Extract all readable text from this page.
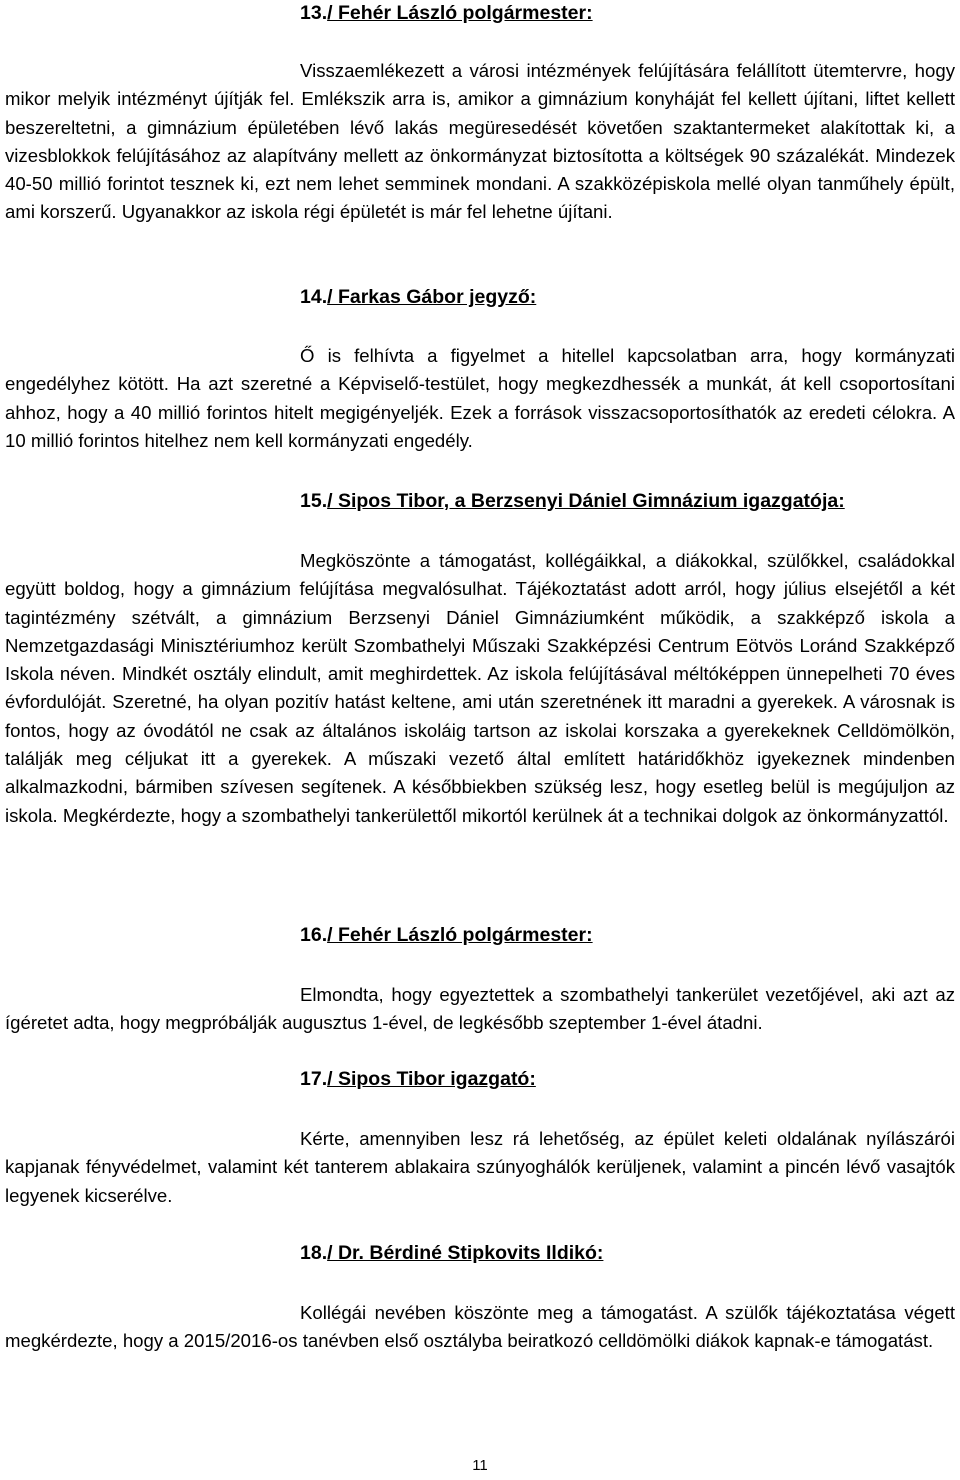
13./ Fehér László polgármester:

Visszaemlékezett a városi intézmények felújítására felállított ütemtervre, hogy mikor melyik intézményt újítják fel. Emlékszik arra is, amikor a gimnázium konyháját fel kellett újítani, liftet kellett beszereltetni, a gimnázium épületében lévő lakás megüresedését követően szaktantermeket alakítottak ki, a vizesblokkok felújításához az alapítvány mellett az önkormányzat biztosította a költségek 90 százalékát. Mindezek 40-50 millió forintot tesznek ki, ezt nem lehet semminek mondani. A szakközépiskola mellé olyan tanműhely épült, ami korszerű. Ugyanakkor az iskola régi épületét is már fel lehetne újítani.

14./ Farkas Gábor jegyző:

Ő is felhívta a figyelmet a hitellel kapcsolatban arra, hogy kormányzati engedélyhez kötött. Ha azt szeretné a Képviselő-testület, hogy megkezdhessék a munkát, át kell csoportosítani ahhoz, hogy a 40 millió forintos hitelt megigényeljék. Ezek a források visszacsoportosíthatók az eredeti célokra. A 10 millió forintos hitelhez nem kell kormányzati engedély.

15./ Sipos Tibor, a Berzsenyi Dániel Gimnázium igazgatója:

Megköszönte a támogatást, kollégáikkal, a diákokkal, szülőkkel, családokkal együtt boldog, hogy a gimnázium felújítása megvalósulhat. Tájékoztatást adott arról, hogy július elsejétől a két tagintézmény szétvált, a gimnázium Berzsenyi Dániel Gimnáziumként működik, a szakképző iskola a Nemzetgazdasági Minisztériumhoz került Szombathelyi Műszaki Szakképzési Centrum Eötvös Loránd Szakképző Iskola néven. Mindkét osztály elindult, amit meghirdettek. Az iskola felújításával méltóképpen ünnepelheti 70 éves évfordulóját. Szeretné, ha olyan pozitív hatást keltene, ami után szeretnének itt maradni a gyerekek. A városnak is fontos, hogy az óvodától ne csak az általános iskoláig tartson az iskolai korszaka a gyerekeknek Celldömölkön, találják meg céljukat itt a gyerekek. A műszaki vezető által említett határidőkhöz igyekeznek mindenben alkalmazkodni, bármiben szívesen segítenek. A későbbiekben szükség lesz, hogy esetleg belül is megújuljon az iskola. Megkérdezte, hogy a szombathelyi tankerülettől mikortól kerülnek át a technikai dolgok az önkormányzattól.

16./ Fehér László polgármester:

Elmondta, hogy egyeztettek a szombathelyi tankerület vezetőjével, aki azt az ígéretet adta, hogy megpróbálják augusztus 1-ével, de legkésőbb szeptember 1-ével átadni.

17./ Sipos Tibor igazgató:

Kérte, amennyiben lesz rá lehetőség, az épület keleti oldalának nyílászárói kapjanak fényvédelmet, valamint két tanterem ablakaira szúnyoghálók kerüljenek, valamint a pincén lévő vasajtók legyenek kicserélve.

18./ Dr. Bérdiné Stipkovits Ildikó:

Kollégái nevében köszönte meg a támogatást. A szülők tájékoztatása végett megkérdezte, hogy a 2015/2016-os tanévben első osztályba beiratkozó celldömölki diákok kapnak-e támogatást.

11
